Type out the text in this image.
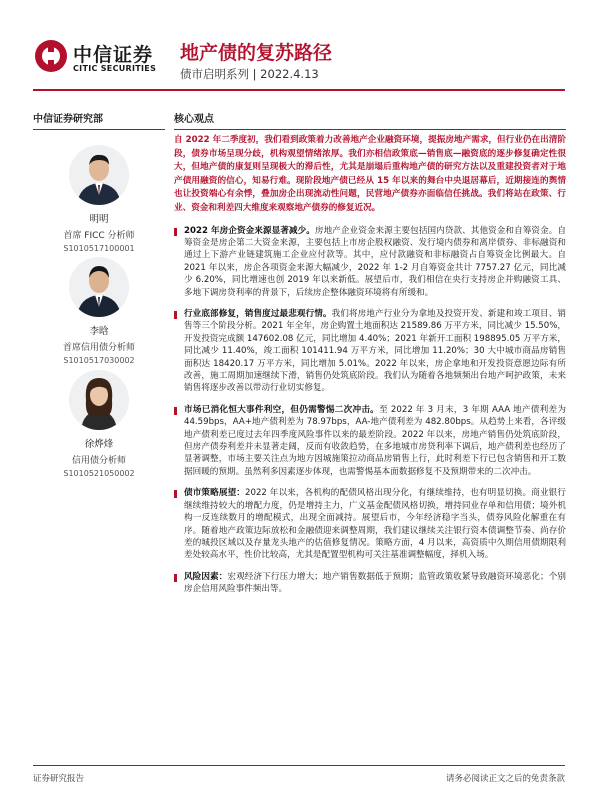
中信证券
CITIC SECURITIES
地产债的复苏路径
债市启明系列 | 2022.4.13
中信证券研究部
明明
首席 FICC 分析师
S1010517100001
李晗
首席信用债分析师
S1010517030002
徐烨烽
信用债分析师
S1010521050002
核心观点
自 2022 年二季度初，我们看到政策着力改善地产企业融资环境，提振房地产需求，但行业仍在出清阶段，债券市场呈现分歧，机构观望情绪浓厚。我们亦相信政策底—销售底—融资底的逐步修复确定性很大，但地产债的康复则呈现极大的滞后性，尤其是崩塌后重构地产债的研究方法以及重建投资者对于地产债用融资的信心，知易行难。现阶段地产债已经从 15 年以来的舞台中央退居幕后，近期接连的舆情也让投资端心有余悸，叠加房企出现流动性问题，民营地产债券亦面临信任挑战。我们将站在政策、行业、资金和利差四大维度来观察地产债券的修复近况。
2022 年房企资金来源显著减少。房地产企业资金来源主要包括国内贷款、其他资金和自筹资金。自筹资金是房企第二大资金来源，主要包括上市房企股权融资、发行境内债券和离岸债券、非标融资和通过上下游产业链建筑施工企业应付款等。其中，应付款融资和非标融资占自筹资金比例最大。自 2021 年以来，房企各项资金来源大幅减少，2022 年 1-2 月自筹资金共计 7757.27 亿元，同比减少 6.20%，同比增速也创 2019 年以来新低。展望后市，我们相信在央行支持房企并购融资工具、多地下调房贷利率的背景下，后续房企整体融资环境将有所缓和。
行业底部修复，销售度过最悲观行情。我们将房地产行业分为拿地及投资开发、新建和竣工项目、销售等三个阶段分析。2021 年全年，房企购置土地面积达 21589.86 万平方米，同比减少 15.50%，开发投资完成额 147602.08 亿元，同比增加 4.40%；2021 年新开工面积 198895.05 万平方米，同比减少 11.40%，竣工面积 101411.94 万平方米，同比增加 11.20%；30 大中城市商品房销售面积达 18420.17 万平方米，同比增加 5.01%。2022 年以来，房企拿地和开发投资意愿边际有所改善，施工周期加速继续下滑，销售仍处筑底阶段。我们认为随着各地频频出台地产呵护政策，未来销售将逐步改善以带动行业切实修复。
市场已消化恒大事件利空，但仍需警惕二次冲击。至 2022 年 3 月末，3 年期 AAA 地产债利差为 44.59bps，AA+地产债利差为 78.97bps，AA-地产债利差为 482.80bps。从趋势上来看，各评级地产债利差已度过去年四季度风险事件以来的最差阶段。2022 年以来，房地产销售仍处筑底阶段，但房产债券利差并未显著走阔，反而有收敛趋势，在多地城市房贷利率下调后，地产债利差也经历了显著调整，市场主要关注点为地方因城施策拉动商品房销售上行，此时利差下行已包含销售和开工数据回暖的预期。虽然利多因素逐步体现，也需警惕基本面数据修复不及预期带来的二次冲击。
债市策略展望：2022 年以来，各机构的配债风格出现分化，有继续维持，也有明显切换。商业银行继续维持较大的增配力度，仍是增持主力，广义基金配债风格切换，增持同业存单和信用债；境外机构一反连续数月的增配模式，出现全面减持。展望后市，今年经济稳字当头，债券风险化解重在有序。随着地产政策边际放松和金融债迎来调整周期，我们建议继续关注银行资本债调整节奏、尚存价差的城投区域以及存量龙头地产的估值修复情况。策略方面，4 月以来，高资质中久期信用债期限利差处较高水平，性价比较高，尤其是配置型机构可关注基准调整幅度，择机入场。
风险因素：宏观经济下行压力增大；地产销售数据低于预期；监管政策收紧导致融资环境恶化；个别房企信用风险事件频出等。
证券研究报告	请务必阅读正文之后的免责条款
